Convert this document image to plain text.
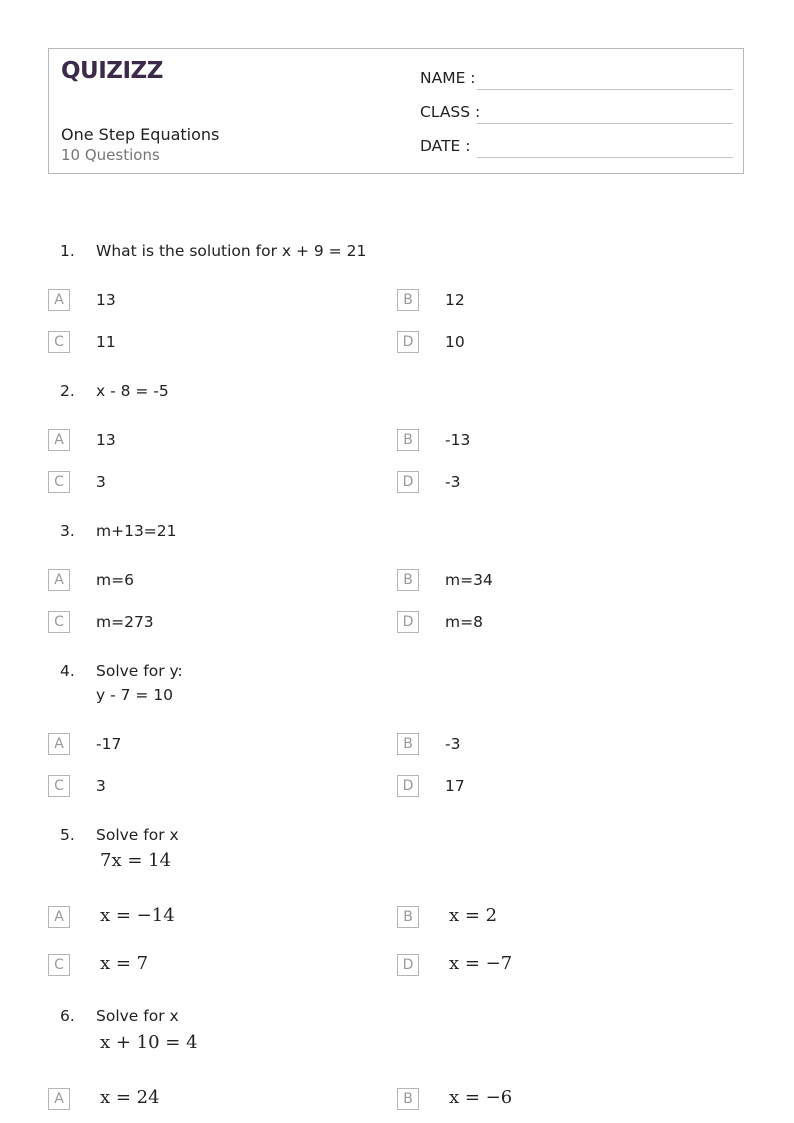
QUIZIZZ
One Step Equations
10 Questions
NAME :
CLASS :
DATE :
1. What is the solution for x + 9 = 21
A	13	B	12
C	11	D	10
2. x - 8 = -5
A	13	B	-13
C	3	D	-3
3. m+13=21
A	m=6	B	m=34
C	m=273	D	m=8
4. Solve for y:
y - 7 = 10
A	-17	B	-3
C	3	D	17
5. Solve for x
7x = 14
A	x = −14	B	x = 2
C	x = 7	D	x = −7
6. Solve for x
x + 10 = 4
A	x = 24	B	x = −6
